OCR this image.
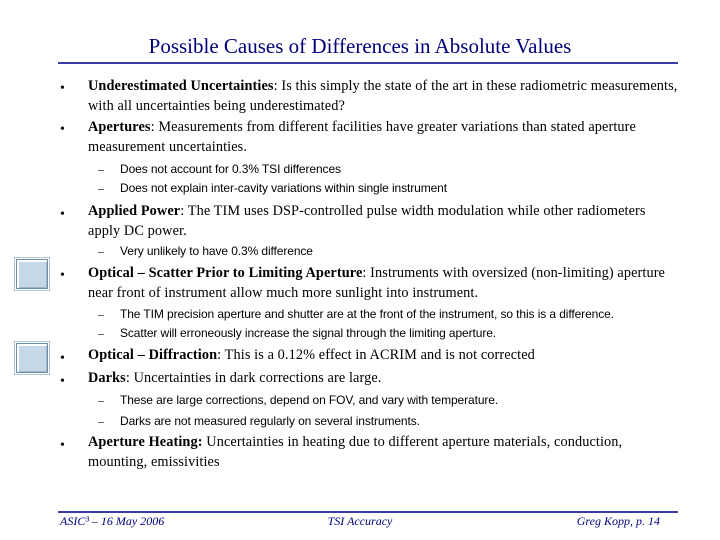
Possible Causes of Differences in Absolute Values
• Underestimated Uncertainties: Is this simply the state of the art in these radiometric measurements, with all uncertainties being underestimated?
• Apertures: Measurements from different facilities have greater variations than stated aperture measurement uncertainties.
– Does not account for 0.3% TSI differences
– Does not explain inter-cavity variations within single instrument
• Applied Power: The TIM uses DSP-controlled pulse width modulation while other radiometers apply DC power.
– Very unlikely to have 0.3% difference
• Optical – Scatter Prior to Limiting Aperture: Instruments with oversized (non-limiting) aperture near front of instrument allow much more sunlight into instrument.
– The TIM precision aperture and shutter are at the front of the instrument, so this is a difference.
– Scatter will erroneously increase the signal through the limiting aperture.
• Optical – Diffraction: This is a 0.12% effect in ACRIM and is not corrected
• Darks: Uncertainties in dark corrections are large.
– These are large corrections, depend on FOV, and vary with temperature.
– Darks are not measured regularly on several instruments.
• Aperture Heating: Uncertainties in heating due to different aperture materials, conduction, mounting, emissivities
ASIC³ – 16 May 2006	TSI Accuracy	Greg Kopp, p. 14
